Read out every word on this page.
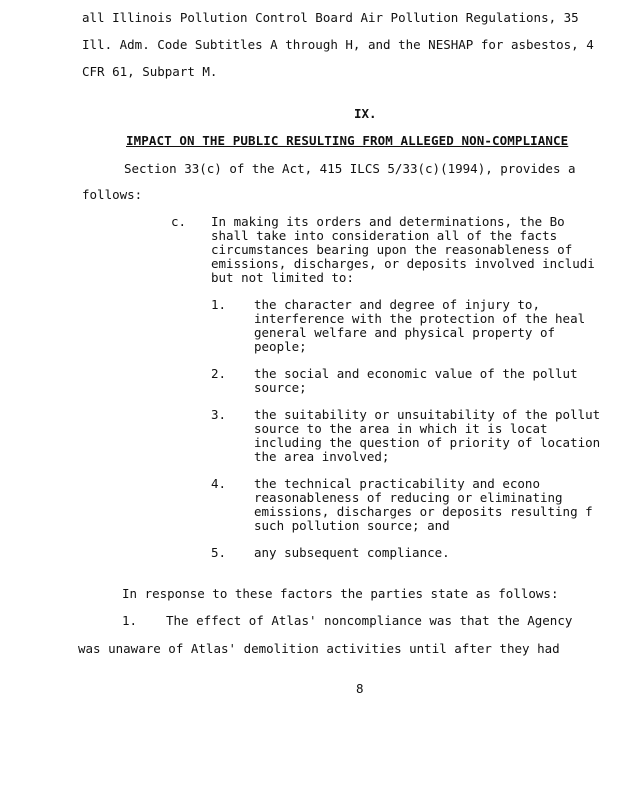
all Illinois Pollution Control Board Air Pollution Regulations, 35
Ill. Adm. Code Subtitles A through H, and the NESHAP for asbestos, 4
CFR 61, Subpart M.
IX.
IMPACT ON THE PUBLIC RESULTING FROM ALLEGED NON-COMPLIANCE
Section 33(c) of the Act, 415 ILCS 5/33(c)(1994), provides a
follows:
c. In making its orders and determinations, the Bo
shall take into consideration all of the facts
circumstances bearing upon the reasonableness of
emissions, discharges, or deposits involved includi
but not limited to:
1. the character and degree of injury to,
interference with the protection of the heal
general welfare and physical property of
people;
2. the social and economic value of the pollut
source;
3. the suitability or unsuitability of the pollut
source to the area in which it is locat
including the question of priority of location
the area involved;
4. the technical practicability and econo
reasonableness of reducing or eliminating
emissions, discharges or deposits resulting f
such pollution source; and
5. any subsequent compliance.
In response to these factors the parties state as follows:
1. The effect of Atlas' noncompliance was that the Agency
was unaware of Atlas' demolition activities until after they had
8
